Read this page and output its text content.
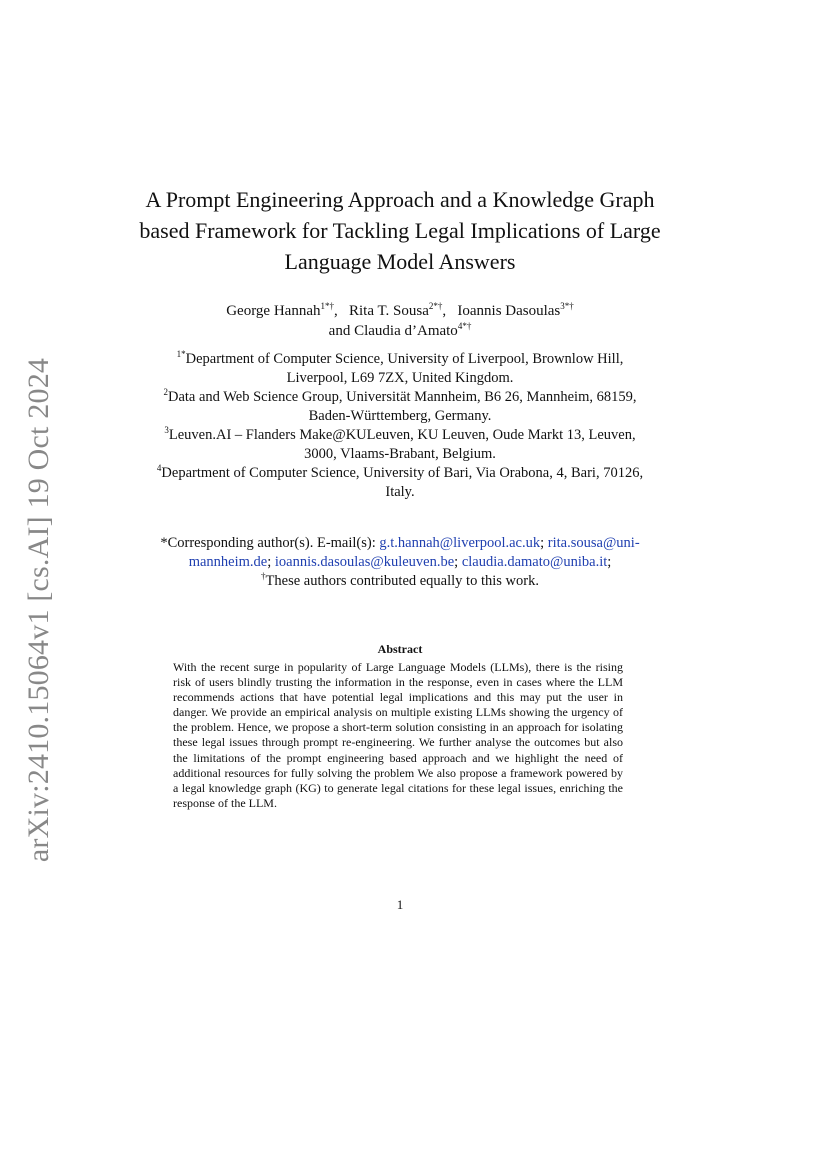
arXiv:2410.15064v1 [cs.AI] 19 Oct 2024
A Prompt Engineering Approach and a Knowledge Graph based Framework for Tackling Legal Implications of Large Language Model Answers
George Hannah$^{1*\dagger}$,   Rita T. Sousa$^{2*\dagger}$,   Ioannis Dasoulas$^{3*\dagger}$
and Claudia d’Amato$^{4*\dagger}$

$^{1*}$Department of Computer Science, University of Liverpool, Brownlow Hill, Liverpool, L69 7ZX, United Kingdom.

$^2$Data and Web Science Group, Universität Mannheim, B6 26, Mannheim, 68159, Baden-Württemberg, Germany.

$^3$Leuven.AI – Flanders Make@KULeuven, KU Leuven, Oude Markt 13, Leuven, 3000, Vlaams-Brabant, Belgium.

$^4$Department of Computer Science, University of Bari, Via Orabona, 4, Bari, 70126, Italy.

*Corresponding author(s). E-mail(s): g.t.hannah@liverpool.ac.uk; rita.sousa@uni-mannheim.de; ioannis.dasoulas@kuleuven.be; claudia.damato@uniba.it;

†These authors contributed equally to this work.

Abstract

With the recent surge in popularity of Large Language Models (LLMs), there is the rising risk of users blindly trusting the information in the response, even in cases where the LLM recommends actions that have potential legal implications and this may put the user in danger. We provide an empirical analysis on multiple existing LLMs showing the urgency of the problem. Hence, we propose a short-term solution consisting in an approach for isolating these legal issues through prompt re-engineering. We further analyse the outcomes but also the limitations of the prompt engineering based approach and we highlight the need of additional resources for fully solving the problem We also propose a framework powered by a legal knowledge graph (KG) to generate legal citations for these legal issues, enriching the response of the LLM.

1
